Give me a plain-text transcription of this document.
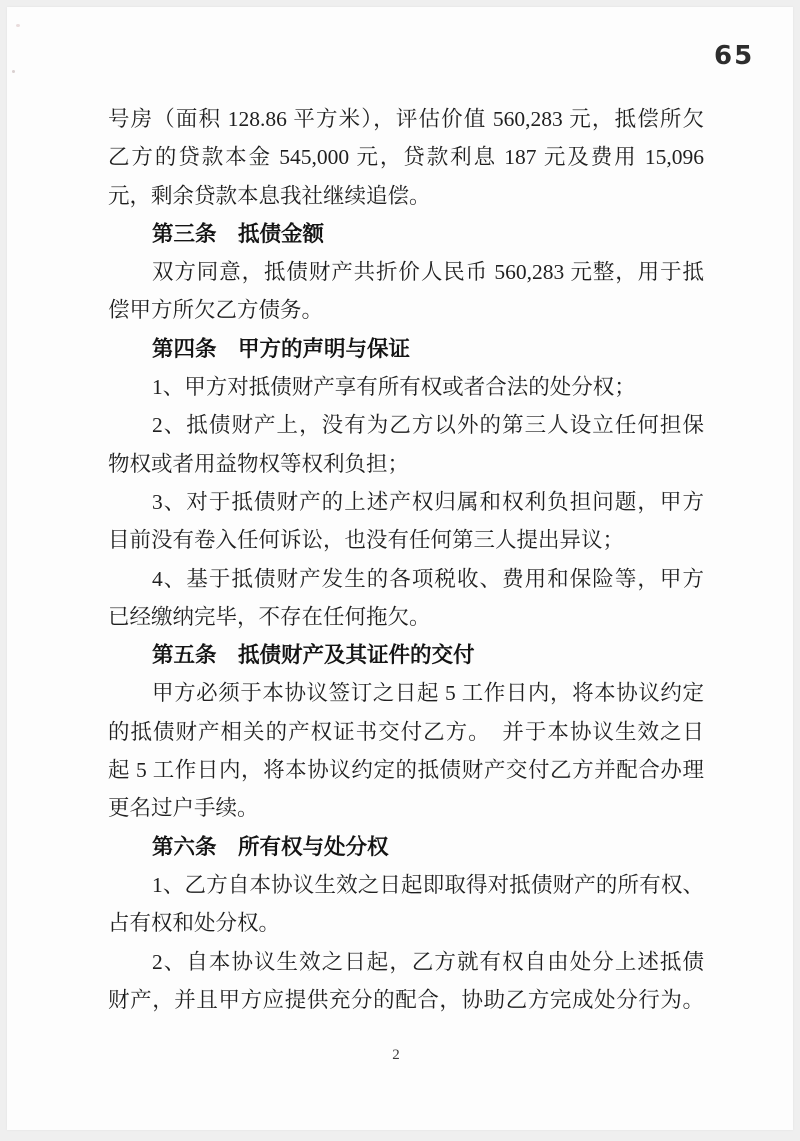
65
号房（面积 128.86 平方米），评估价值 560,283 元，抵偿所欠
乙方的贷款本金 545,000 元，贷款利息 187 元及费用 15,096
元，剩余贷款本息我社继续追偿。
第三条　抵债金额
双方同意，抵债财产共折价人民币 560,283 元整，用于抵
偿甲方所欠乙方债务。
第四条　甲方的声明与保证
1、甲方对抵债财产享有所有权或者合法的处分权；
2、抵债财产上，没有为乙方以外的第三人设立任何担保
物权或者用益物权等权利负担；
3、对于抵债财产的上述产权归属和权利负担问题，甲方
目前没有卷入任何诉讼，也没有任何第三人提出异议；
4、基于抵债财产发生的各项税收、费用和保险等，甲方
已经缴纳完毕，不存在任何拖欠。
第五条　抵债财产及其证件的交付
甲方必须于本协议签订之日起 5 工作日内，将本协议约定
的抵债财产相关的产权证书交付乙方。　并于本协议生效之日
起 5 工作日内，将本协议约定的抵债财产交付乙方并配合办理
更名过户手续。
第六条　所有权与处分权
1、乙方自本协议生效之日起即取得对抵债财产的所有权、
占有权和处分权。
2、自本协议生效之日起，乙方就有权自由处分上述抵债
财产，并且甲方应提供充分的配合，协助乙方完成处分行为。
2
